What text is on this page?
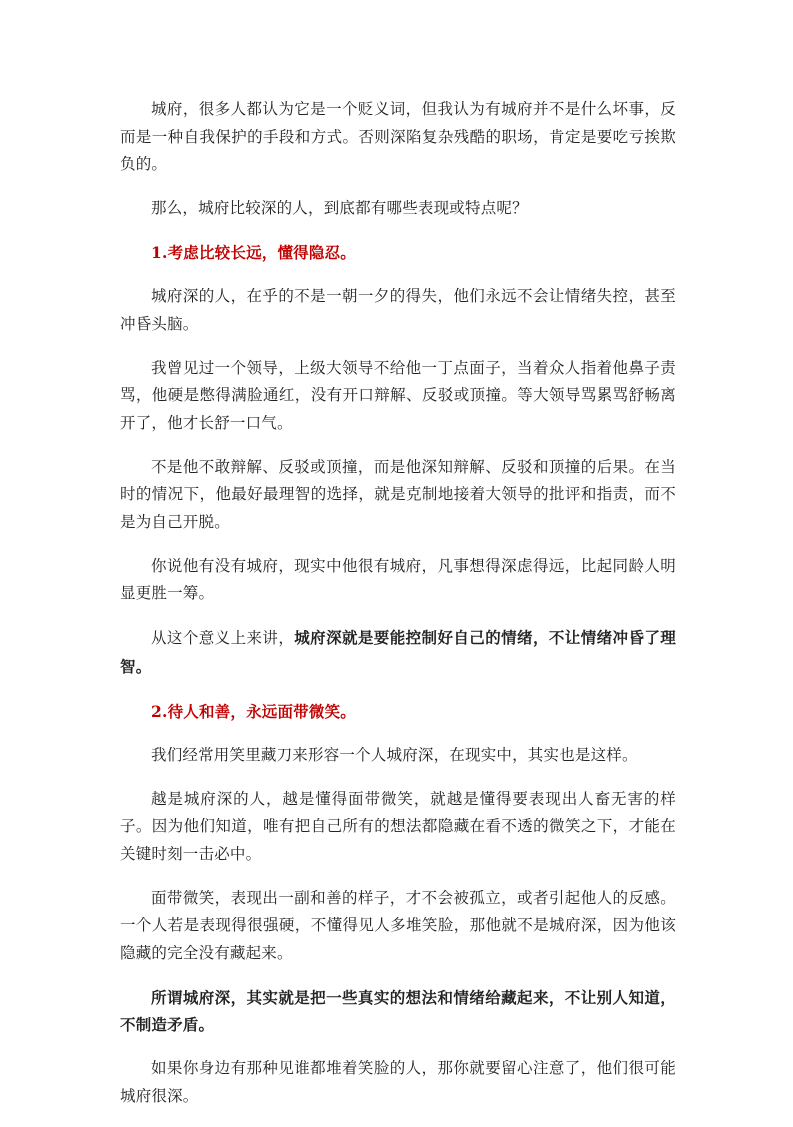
城府，很多人都认为它是一个贬义词，但我认为有城府并不是什么坏事，反而是一种自我保护的手段和方式。否则深陷复杂残酷的职场，肯定是要吃亏挨欺负的。

那么，城府比较深的人，到底都有哪些表现或特点呢？

1.考虑比较长远，懂得隐忍。

城府深的人，在乎的不是一朝一夕的得失，他们永远不会让情绪失控，甚至冲昏头脑。

我曾见过一个领导，上级大领导不给他一丁点面子，当着众人指着他鼻子责骂，他硬是憋得满脸通红，没有开口辩解、反驳或顶撞。等大领导骂累骂舒畅离开了，他才长舒一口气。

不是他不敢辩解、反驳或顶撞，而是他深知辩解、反驳和顶撞的后果。在当时的情况下，他最好最理智的选择，就是克制地接着大领导的批评和指责，而不是为自己开脱。

你说他有没有城府，现实中他很有城府，凡事想得深虑得远，比起同龄人明显更胜一筹。

从这个意义上来讲，城府深就是要能控制好自己的情绪，不让情绪冲昏了理智。

2.待人和善，永远面带微笑。

我们经常用笑里藏刀来形容一个人城府深，在现实中，其实也是这样。

越是城府深的人，越是懂得面带微笑，就越是懂得要表现出人畜无害的样子。因为他们知道，唯有把自己所有的想法都隐藏在看不透的微笑之下，才能在关键时刻一击必中。

面带微笑，表现出一副和善的样子，才不会被孤立，或者引起他人的反感。一个人若是表现得很强硬，不懂得见人多堆笑脸，那他就不是城府深，因为他该隐藏的完全没有藏起来。

所谓城府深，其实就是把一些真实的想法和情绪给藏起来，不让别人知道，不制造矛盾。

如果你身边有那种见谁都堆着笑脸的人，那你就要留心注意了，他们很可能城府很深。
